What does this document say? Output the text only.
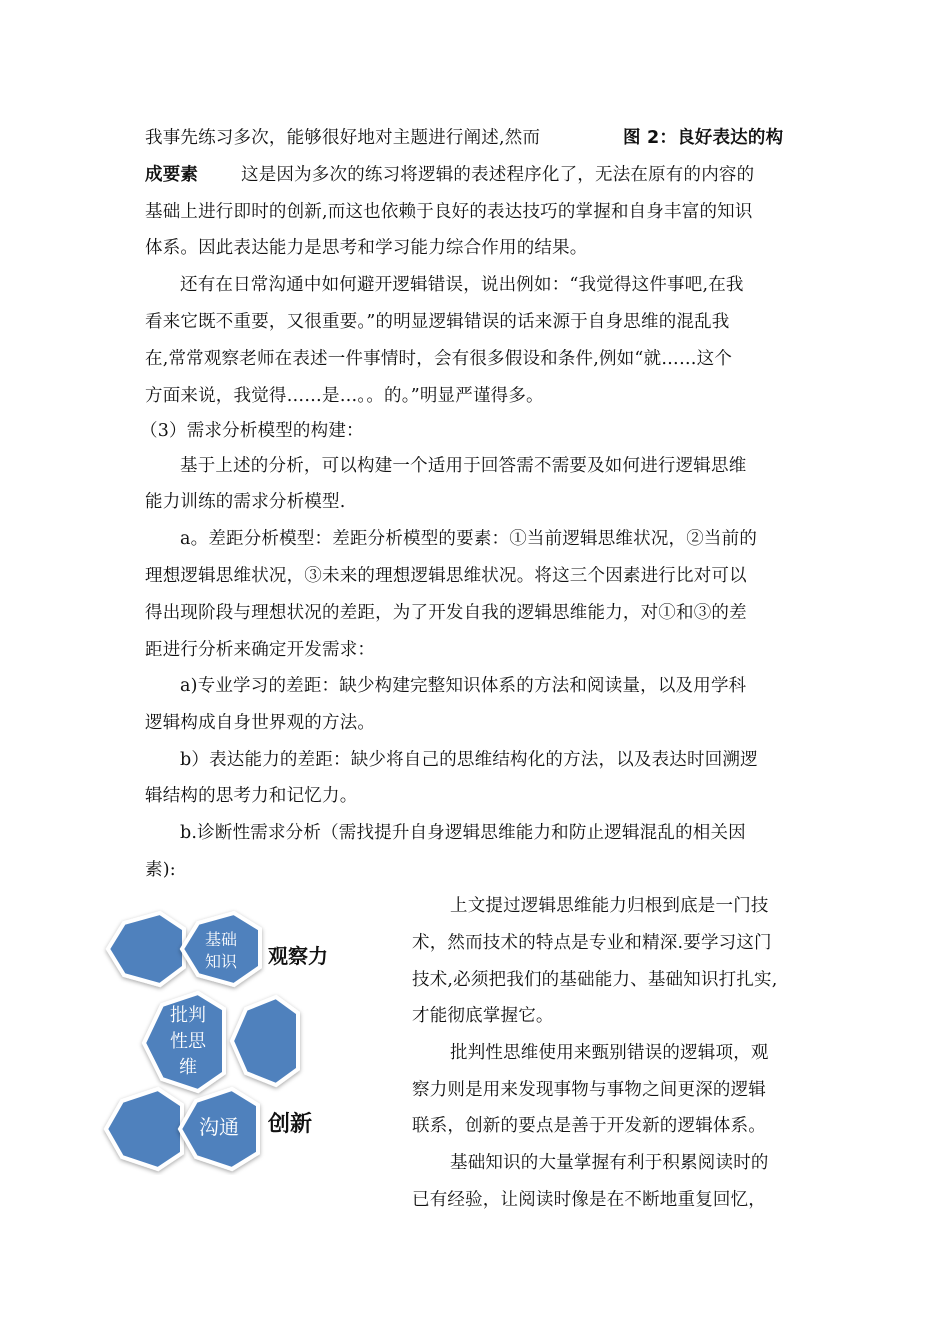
我事先练习多次，能够很好地对主题进行阐述,然而	图 2：良好表达的构
成要素 这是因为多次的练习将逻辑的表述程序化了，无法在原有的内容的
基础上进行即时的创新,而这也依赖于良好的表达技巧的掌握和自身丰富的知识
体系。因此表达能力是思考和学习能力综合作用的结果。
还有在日常沟通中如何避开逻辑错误，说出例如：“我觉得这件事吧,在我
看来它既不重要，又很重要。”的明显逻辑错误的话来源于自身思维的混乱我
在,常常观察老师在表述一件事情时，会有很多假设和条件,例如“就……这个
方面来说，我觉得……是…。。的。”明显严谨得多。
（3）需求分析模型的构建：
基于上述的分析，可以构建一个适用于回答需不需要及如何进行逻辑思维
能力训练的需求分析模型.
a。差距分析模型：差距分析模型的要素：①当前逻辑思维状况，②当前的
理想逻辑思维状况，③未来的理想逻辑思维状况。将这三个因素进行比对可以
得出现阶段与理想状况的差距，为了开发自我的逻辑思维能力，对①和③的差
距进行分析来确定开发需求：
a)专业学习的差距：缺少构建完整知识体系的方法和阅读量，以及用学科
逻辑构成自身世界观的方法。
b）表达能力的差距：缺少将自己的思维结构化的方法，以及表达时回溯逻
辑结构的思考力和记忆力。
b.诊断性需求分析（需找提升自身逻辑思维能力和防止逻辑混乱的相关因
素):
上文提过逻辑思维能力归根到底是一门技
术，然而技术的特点是专业和精深.要学习这门
技术,必须把我们的基础能力、基础知识打扎实,
才能彻底掌握它。
批判性思维使用来甄别错误的逻辑项，观
察力则是用来发现事物与事物之间更深的逻辑
联系，创新的要点是善于开发新的逻辑体系。
基础知识的大量掌握有利于积累阅读时的
已有经验，让阅读时像是在不断地重复回忆，
基础
知识
批判
性思
维
沟通
观察力
创新
